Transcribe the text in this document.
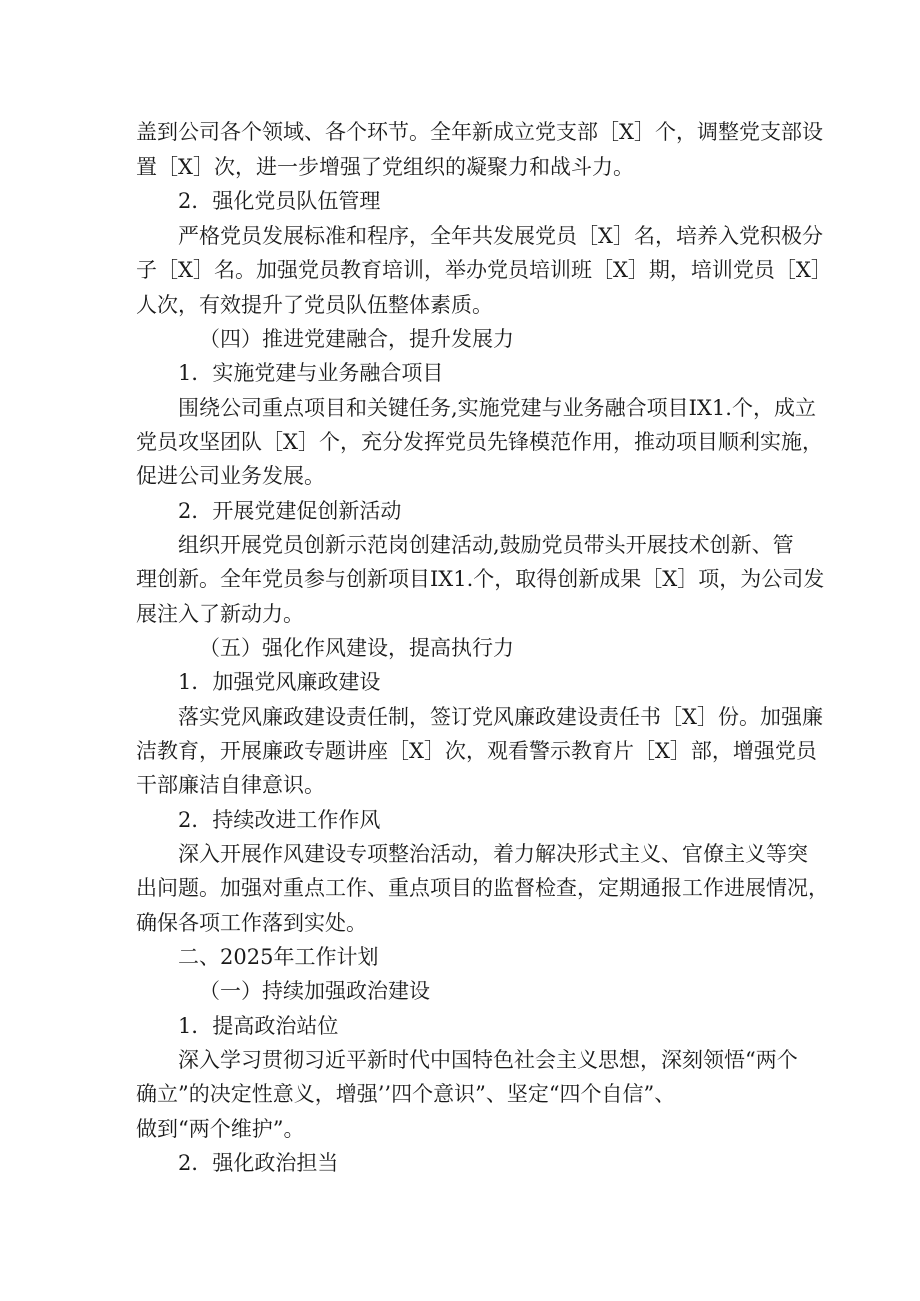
盖到公司各个领域、各个环节。全年新成立党支部［X］个，调整党支部设
置［X］次，进一步增强了党组织的凝聚力和战斗力。
2．强化党员队伍管理
严格党员发展标准和程序，全年共发展党员［X］名，培养入党积极分
子［X］名。加强党员教育培训，举办党员培训班［X］期，培训党员［X］
人次，有效提升了党员队伍整体素质。
（四）推进党建融合，提升发展力
1．实施党建与业务融合项目
围绕公司重点项目和关键任务,实施党建与业务融合项目IX1.个，成立
党员攻坚团队［X］个，充分发挥党员先锋模范作用，推动项目顺利实施，
促进公司业务发展。
2．开展党建促创新活动
组织开展党员创新示范岗创建活动,鼓励党员带头开展技术创新、管
理创新。全年党员参与创新项目IX1.个，取得创新成果［X］项，为公司发
展注入了新动力。
（五）强化作风建设，提高执行力
1．加强党风廉政建设
落实党风廉政建设责任制，签订党风廉政建设责任书［X］份。加强廉
洁教育，开展廉政专题讲座［X］次，观看警示教育片［X］部，增强党员
干部廉洁自律意识。
2．持续改进工作作风
深入开展作风建设专项整治活动，着力解决形式主义、官僚主义等突
出问题。加强对重点工作、重点项目的监督检查，定期通报工作进展情况，
确保各项工作落到实处。
二、2025年工作计划
（一）持续加强政治建设
1．提高政治站位
深入学习贯彻习近平新时代中国特色社会主义思想，深刻领悟“两个
确立”的决定性意义，增强’’四个意识”、坚定“四个自信”、
做到“两个维护”。
2．强化政治担当
